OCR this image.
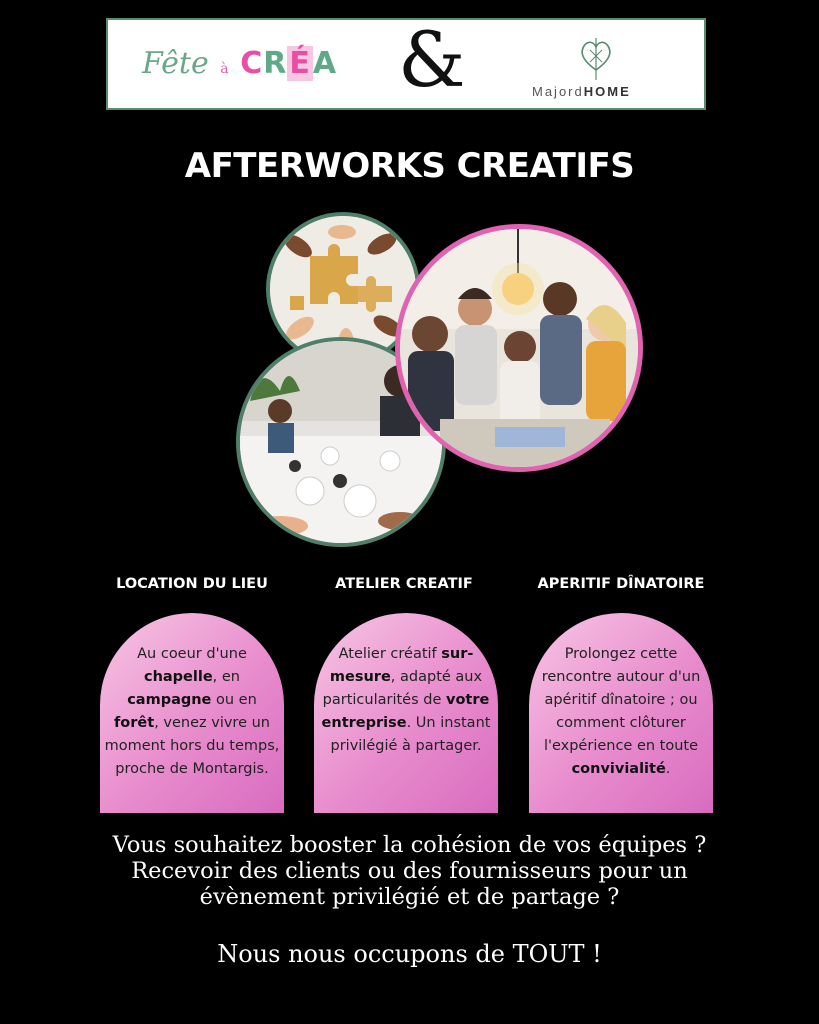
Fête à CRÉA &	MajordHOME
AFTERWORKS CREATIFS
LOCATION DU LIEU	ATELIER CREATIF	APERITIF DÎNATOIRE
Au coeur d'une chapelle, en campagne ou en forêt, venez vivre un moment hors du temps, proche de Montargis.
Atelier créatif sur-mesure, adapté aux particularités de votre entreprise. Un instant privilégié à partager.
Prolongez cette rencontre autour d'un apéritif dînatoire ; ou comment clôturer l'expérience en toute convivialité.
Vous souhaitez booster la cohésion de vos équipes ?
Recevoir des clients ou des fournisseurs pour un
évènement privilégié et de partage ?
Nous nous occupons de TOUT !
